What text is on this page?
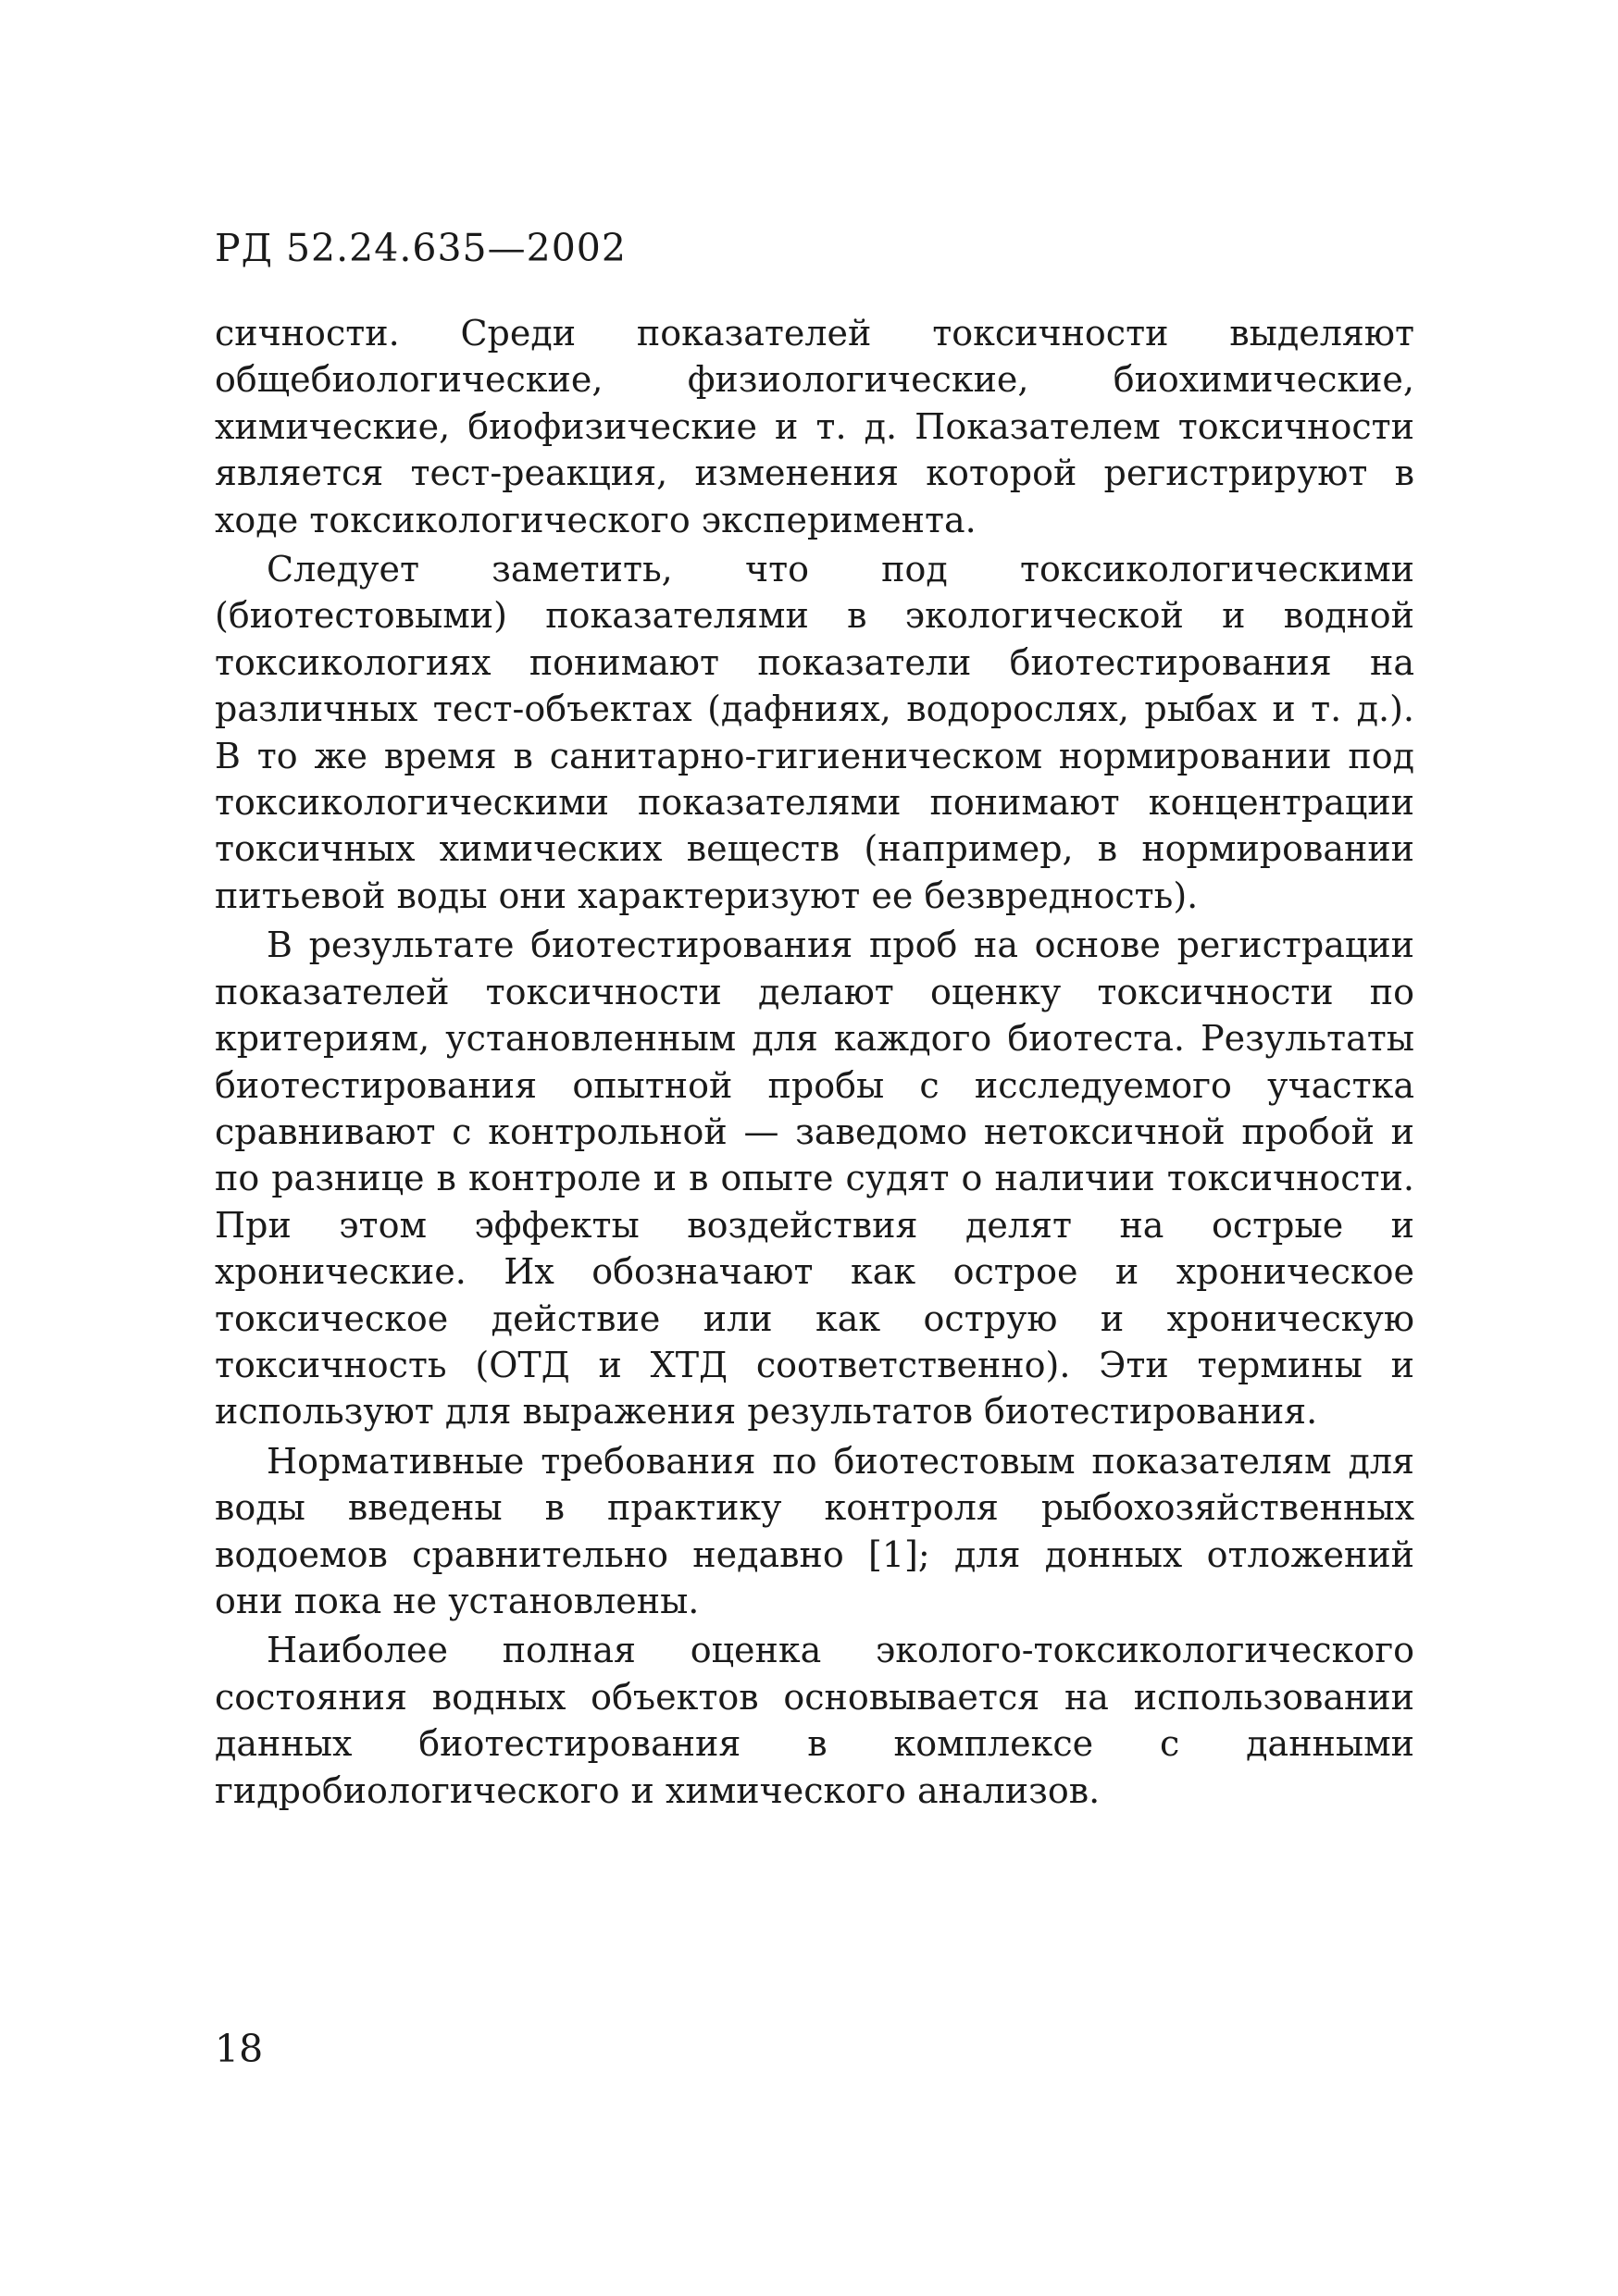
РД 52.24.635—2002

сичности. Среди показателей токсичности выделяют общебиологические, физиологические, биохимические, химические, биофизические и т. д. Показателем токсичности является тест-реакция, изменения которой регистрируют в ходе токсикологического эксперимента.

Следует заметить, что под токсикологическими (биотестовыми) показателями в экологической и водной токсикологиях понимают показатели биотестирования на различных тест-объектах (дафниях, водорослях, рыбах и т. д.). В то же время в санитарно-гигиеническом нормировании под токсикологическими показателями понимают концентрации токсичных химических веществ (например, в нормировании питьевой воды они характеризуют ее безвредность).

В результате биотестирования проб на основе регистрации показателей токсичности делают оценку токсичности по критериям, установленным для каждого биотеста. Результаты биотестирования опытной пробы с исследуемого участка сравнивают с контрольной — заведомо нетоксичной пробой и по разнице в контроле и в опыте судят о наличии токсичности. При этом эффекты воздействия делят на острые и хронические. Их обозначают как острое и хроническое токсическое действие или как острую и хроническую токсичность (ОТД и ХТД соответственно). Эти термины и используют для выражения результатов биотестирования.

Нормативные требования по биотестовым показателям для воды введены в практику контроля рыбохозяйственных водоемов сравнительно недавно [1]; для донных отложений они пока не установлены.

Наиболее полная оценка эколого-токсикологического состояния водных объектов основывается на использовании данных биотестирования в комплексе с данными гидробиологического и химического анализов.

18
